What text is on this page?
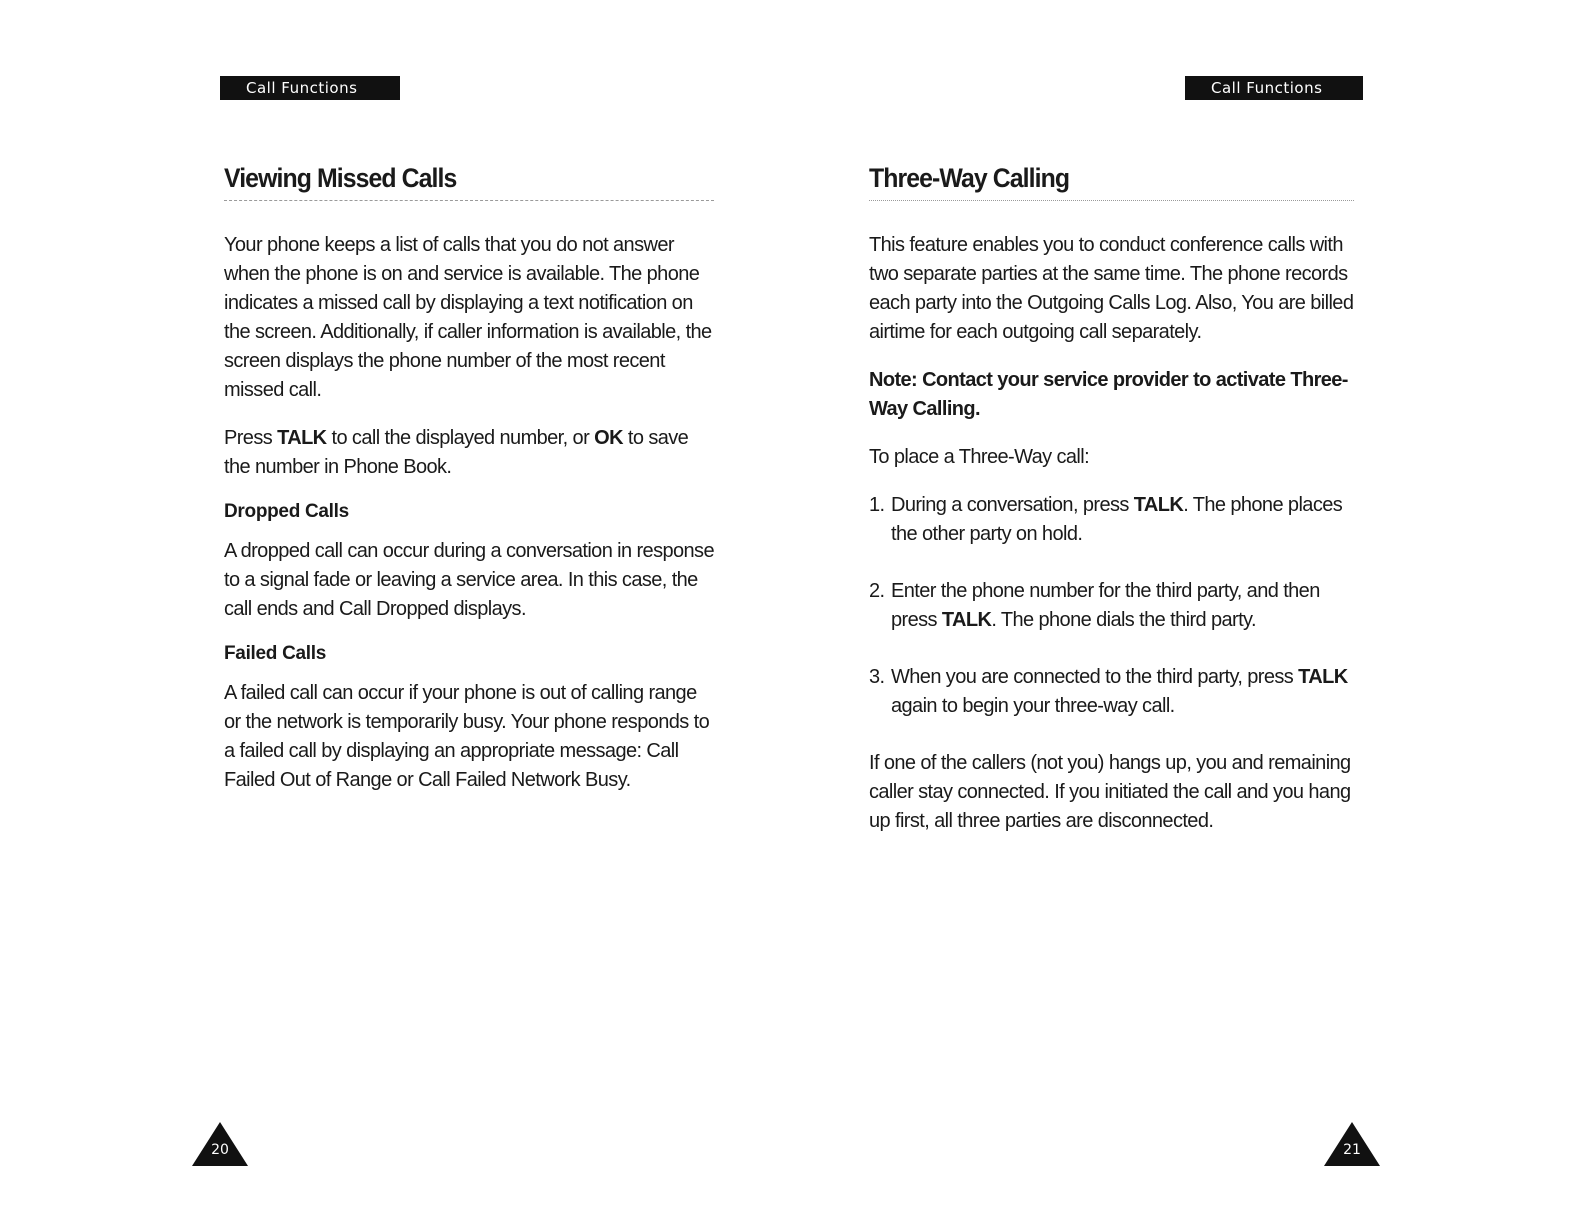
Call Functions
Viewing Missed Calls

Your phone keeps a list of calls that you do not answer when the phone is on and service is available. The phone indicates a missed call by displaying a text notification on the screen. Additionally, if caller information is available, the screen displays the phone number of the most recent missed call.

Press TALK to call the displayed number, or OK to save the number in Phone Book.

Dropped Calls

A dropped call can occur during a conversation in response to a signal fade or leaving a service area. In this case, the call ends and Call Dropped displays.

Failed Calls

A failed call can occur if your phone is out of calling range or the network is temporarily busy. Your phone responds to a failed call by displaying an appropriate message: Call Failed Out of Range or Call Failed Network Busy.

20
Call Functions
Three-Way Calling

This feature enables you to conduct conference calls with two separate parties at the same time. The phone records each party into the Outgoing Calls Log. Also, You are billed airtime for each outgoing call separately.

Note: Contact your service provider to activate Three-Way Calling.

To place a Three-Way call:

1. During a conversation, press TALK. The phone places the other party on hold.
2. Enter the phone number for the third party, and then press TALK. The phone dials the third party.
3. When you are connected to the third party, press TALK again to begin your three-way call.

If one of the callers (not you) hangs up, you and remaining caller stay connected. If you initiated the call and you hang up first, all three parties are disconnected.

21
